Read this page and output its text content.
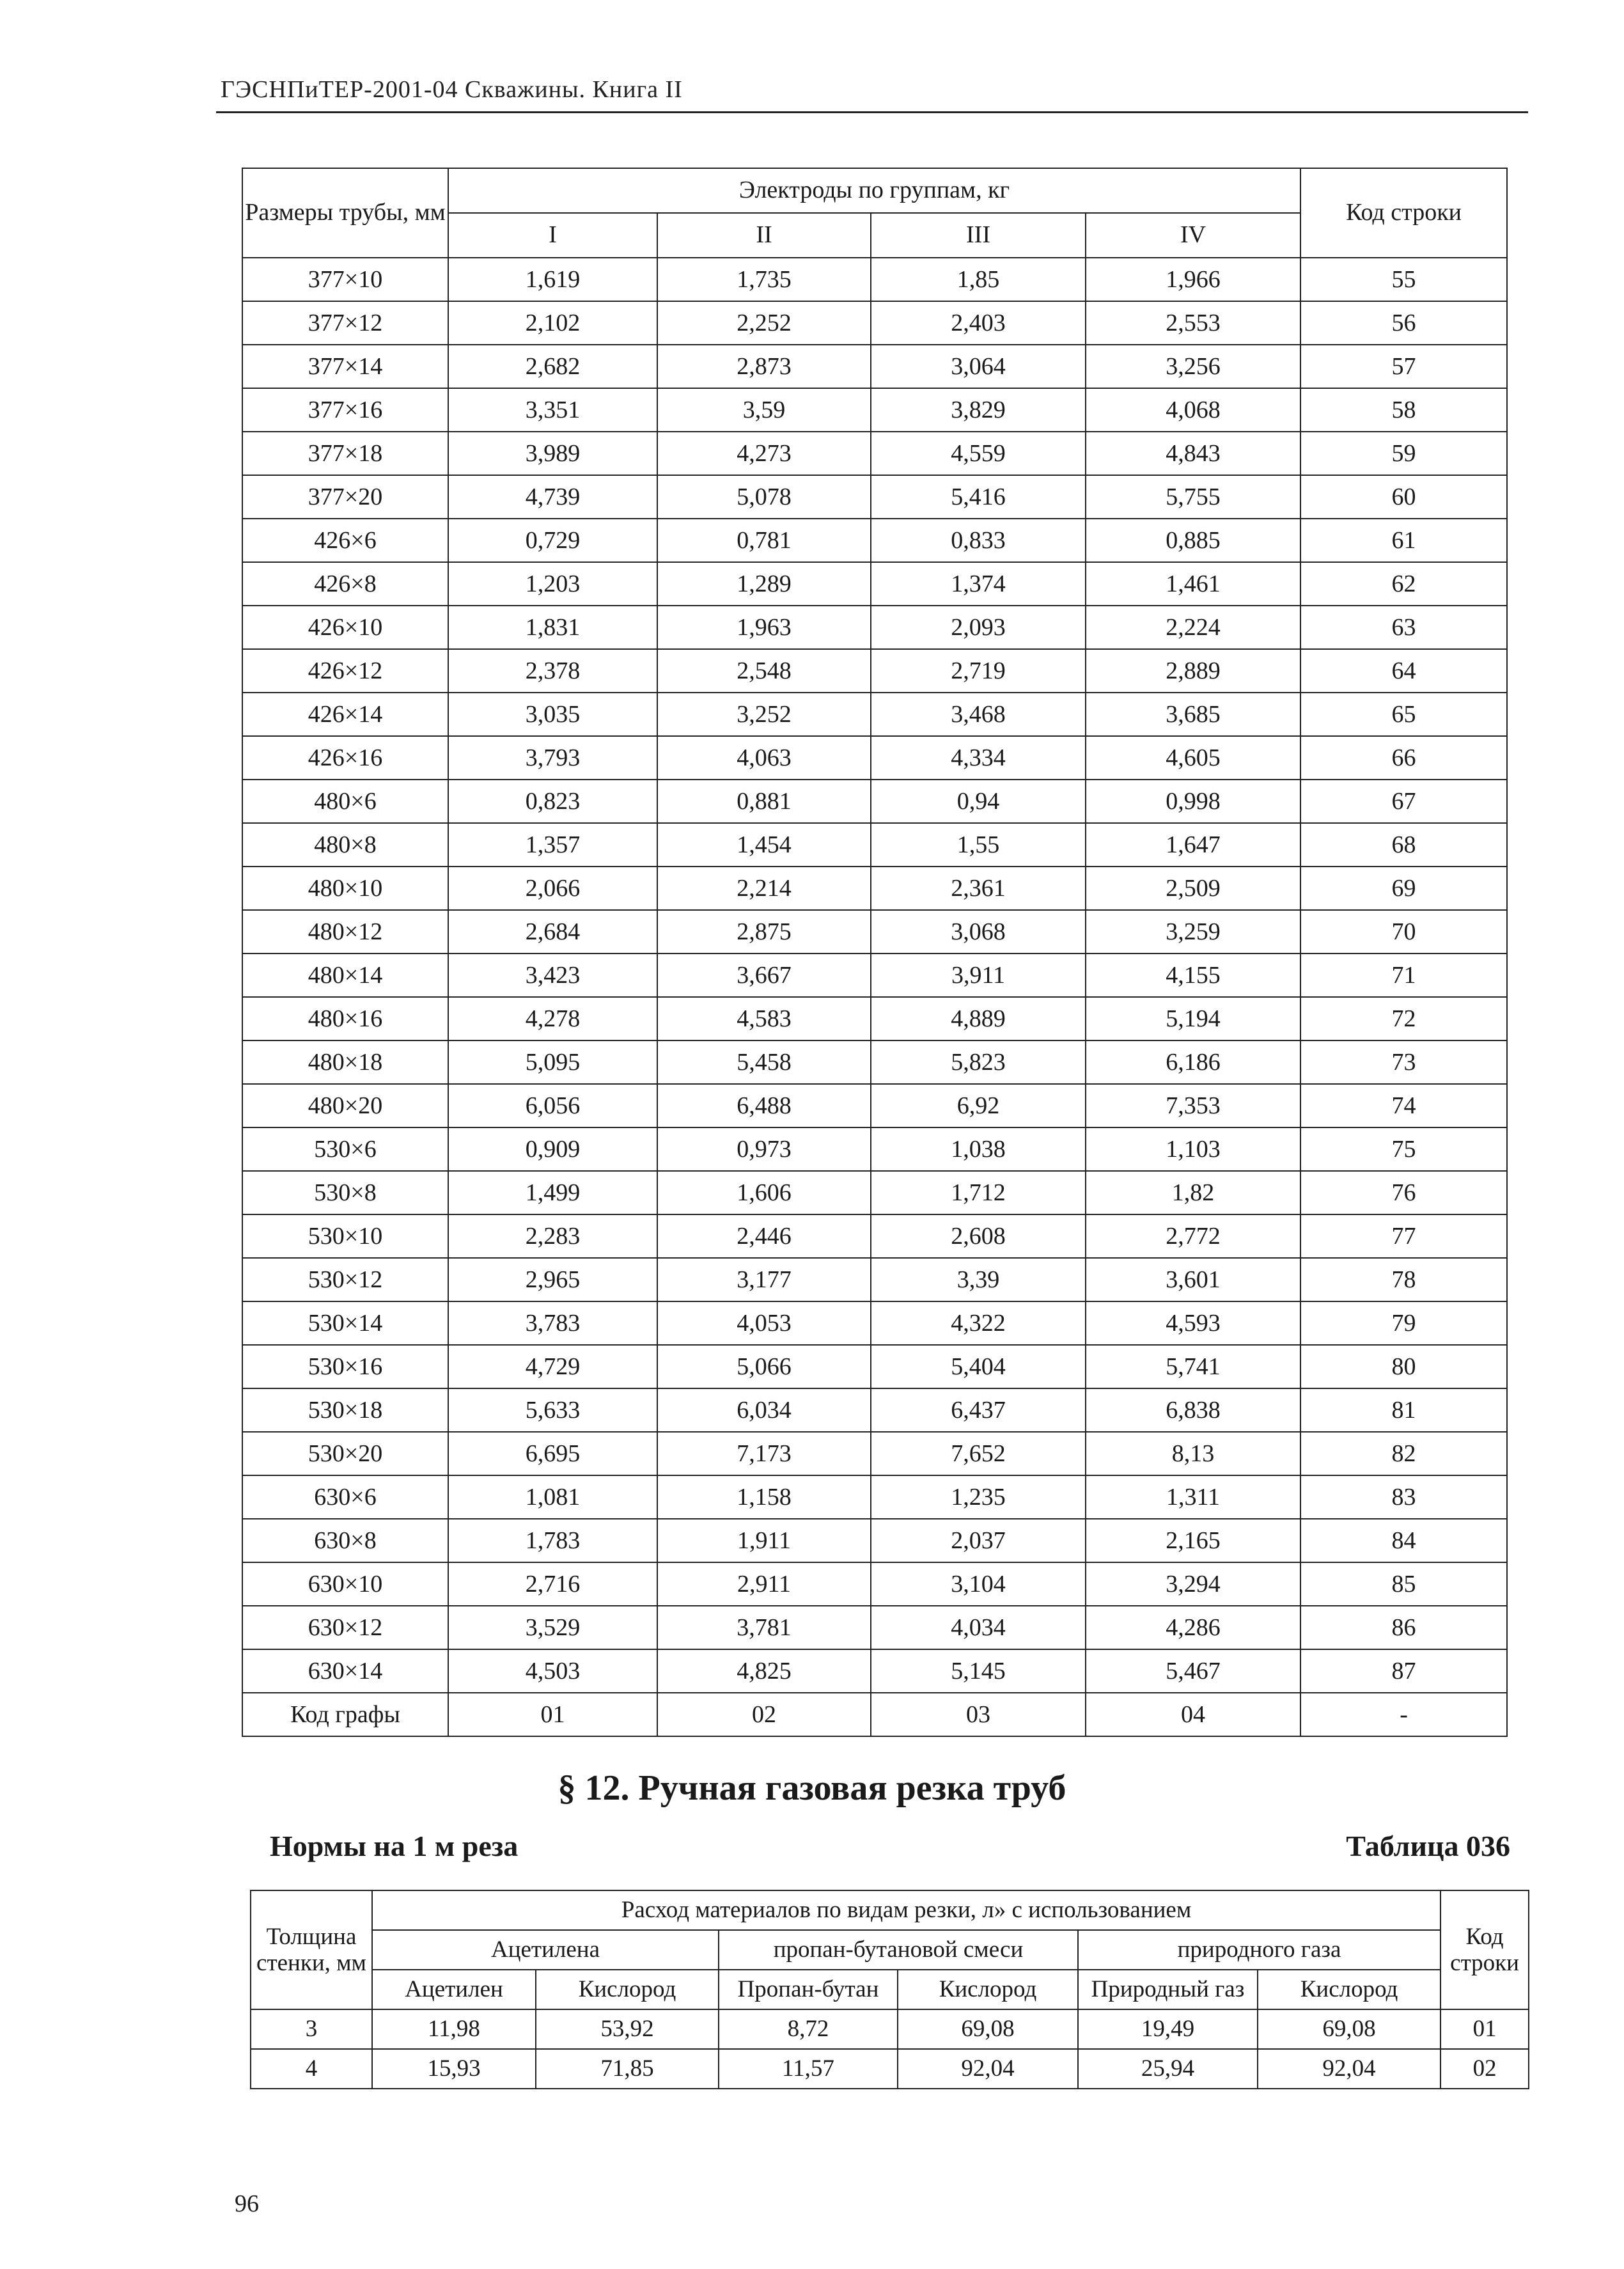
ГЭСНПиТЕР-2001-04 Скважины. Книга II
Размеры трубы, мм	Электроды по группам, кг				Код строки
	I	II	III	IV	
377×10	1,619	1,735	1,85	1,966	55
377×12	2,102	2,252	2,403	2,553	56
377×14	2,682	2,873	3,064	3,256	57
377×16	3,351	3,59	3,829	4,068	58
377×18	3,989	4,273	4,559	4,843	59
377×20	4,739	5,078	5,416	5,755	60
426×6	0,729	0,781	0,833	0,885	61
426×8	1,203	1,289	1,374	1,461	62
426×10	1,831	1,963	2,093	2,224	63
426×12	2,378	2,548	2,719	2,889	64
426×14	3,035	3,252	3,468	3,685	65
426×16	3,793	4,063	4,334	4,605	66
480×6	0,823	0,881	0,94	0,998	67
480×8	1,357	1,454	1,55	1,647	68
480×10	2,066	2,214	2,361	2,509	69
480×12	2,684	2,875	3,068	3,259	70
480×14	3,423	3,667	3,911	4,155	71
480×16	4,278	4,583	4,889	5,194	72
480×18	5,095	5,458	5,823	6,186	73
480×20	6,056	6,488	6,92	7,353	74
530×6	0,909	0,973	1,038	1,103	75
530×8	1,499	1,606	1,712	1,82	76
530×10	2,283	2,446	2,608	2,772	77
530×12	2,965	3,177	3,39	3,601	78
530×14	3,783	4,053	4,322	4,593	79
530×16	4,729	5,066	5,404	5,741	80
530×18	5,633	6,034	6,437	6,838	81
530×20	6,695	7,173	7,652	8,13	82
630×6	1,081	1,158	1,235	1,311	83
630×8	1,783	1,911	2,037	2,165	84
630×10	2,716	2,911	3,104	3,294	85
630×12	3,529	3,781	4,034	4,286	86
630×14	4,503	4,825	5,145	5,467	87
Код графы	01	02	03	04	-
§ 12. Ручная газовая резка труб
Нормы на 1 м реза	Таблица 036
Толщина стенки, мм	Расход материалов по видам резки, л» с использованием						Код строки
	Ацетилена		пропан-бутановой смеси		природного газа		
	Ацетилен	Кислород	Пропан-бутан	Кислород	Природный газ	Кислород	
3	11,98	53,92	8,72	69,08	19,49	69,08	01
4	15,93	71,85	11,57	92,04	25,94	92,04	02
96
